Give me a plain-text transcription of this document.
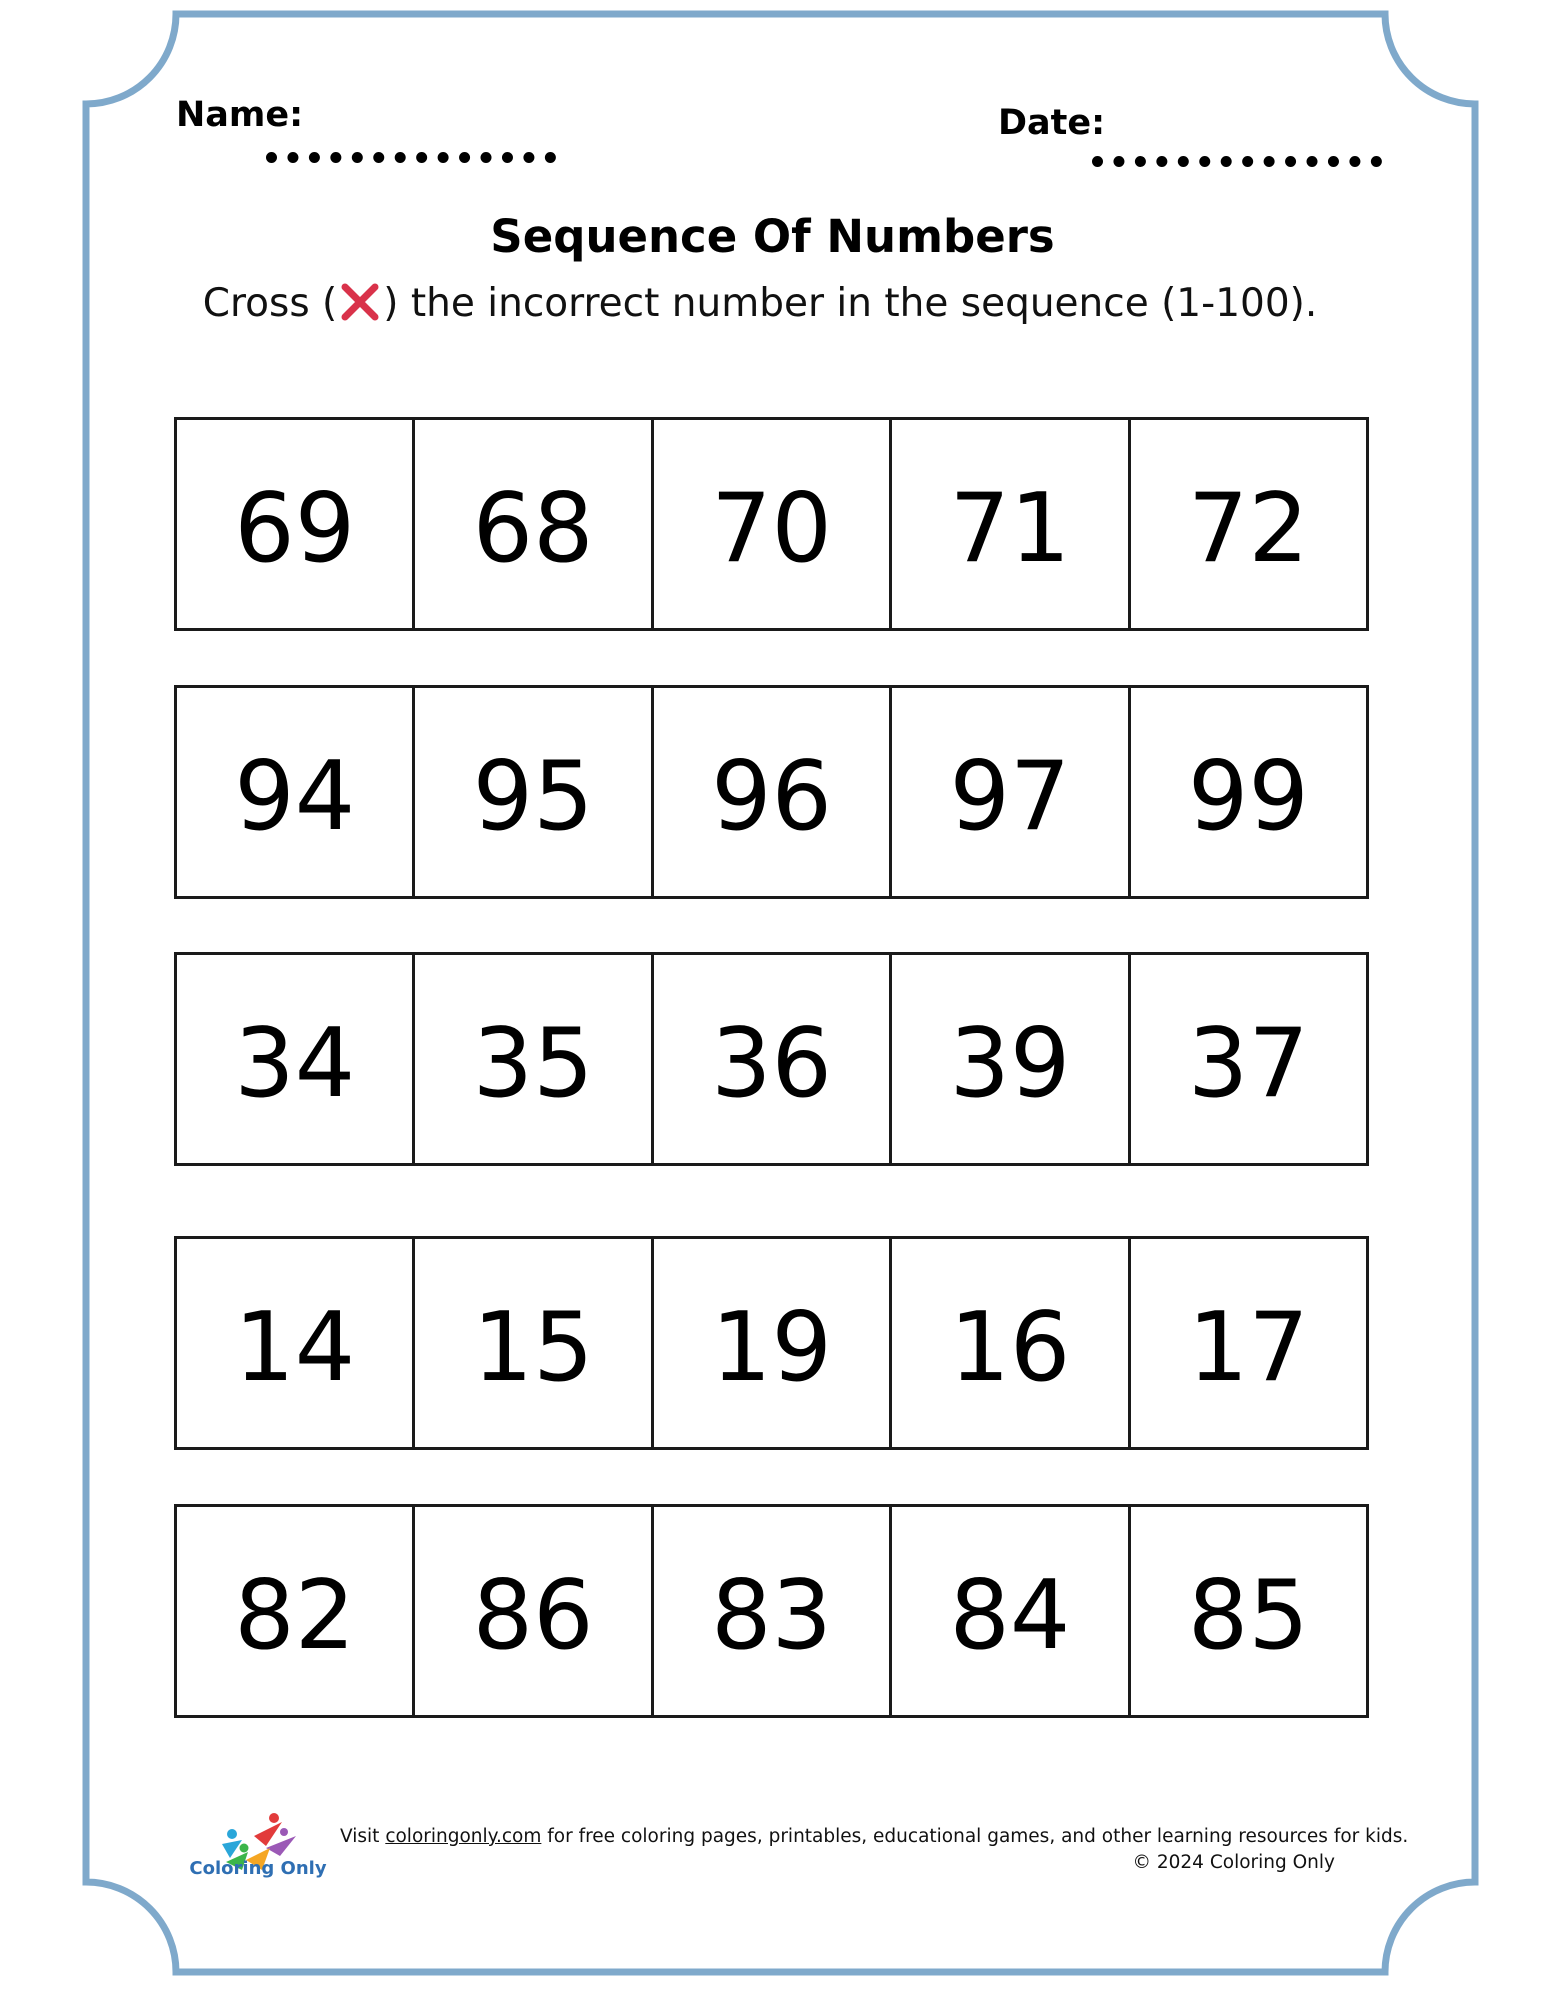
Name:	Date:
Sequence Of Numbers
Cross ( ) the incorrect number in the sequence (1-100).
69	68	70	71	72
94	95	96	97	99
34	35	36	39	37
14	15	19	16	17
82	86	83	84	85
Coloring Only
Visit coloringonly.com for free coloring pages, printables, educational games, and other learning resources for kids.
© 2024 Coloring Only
